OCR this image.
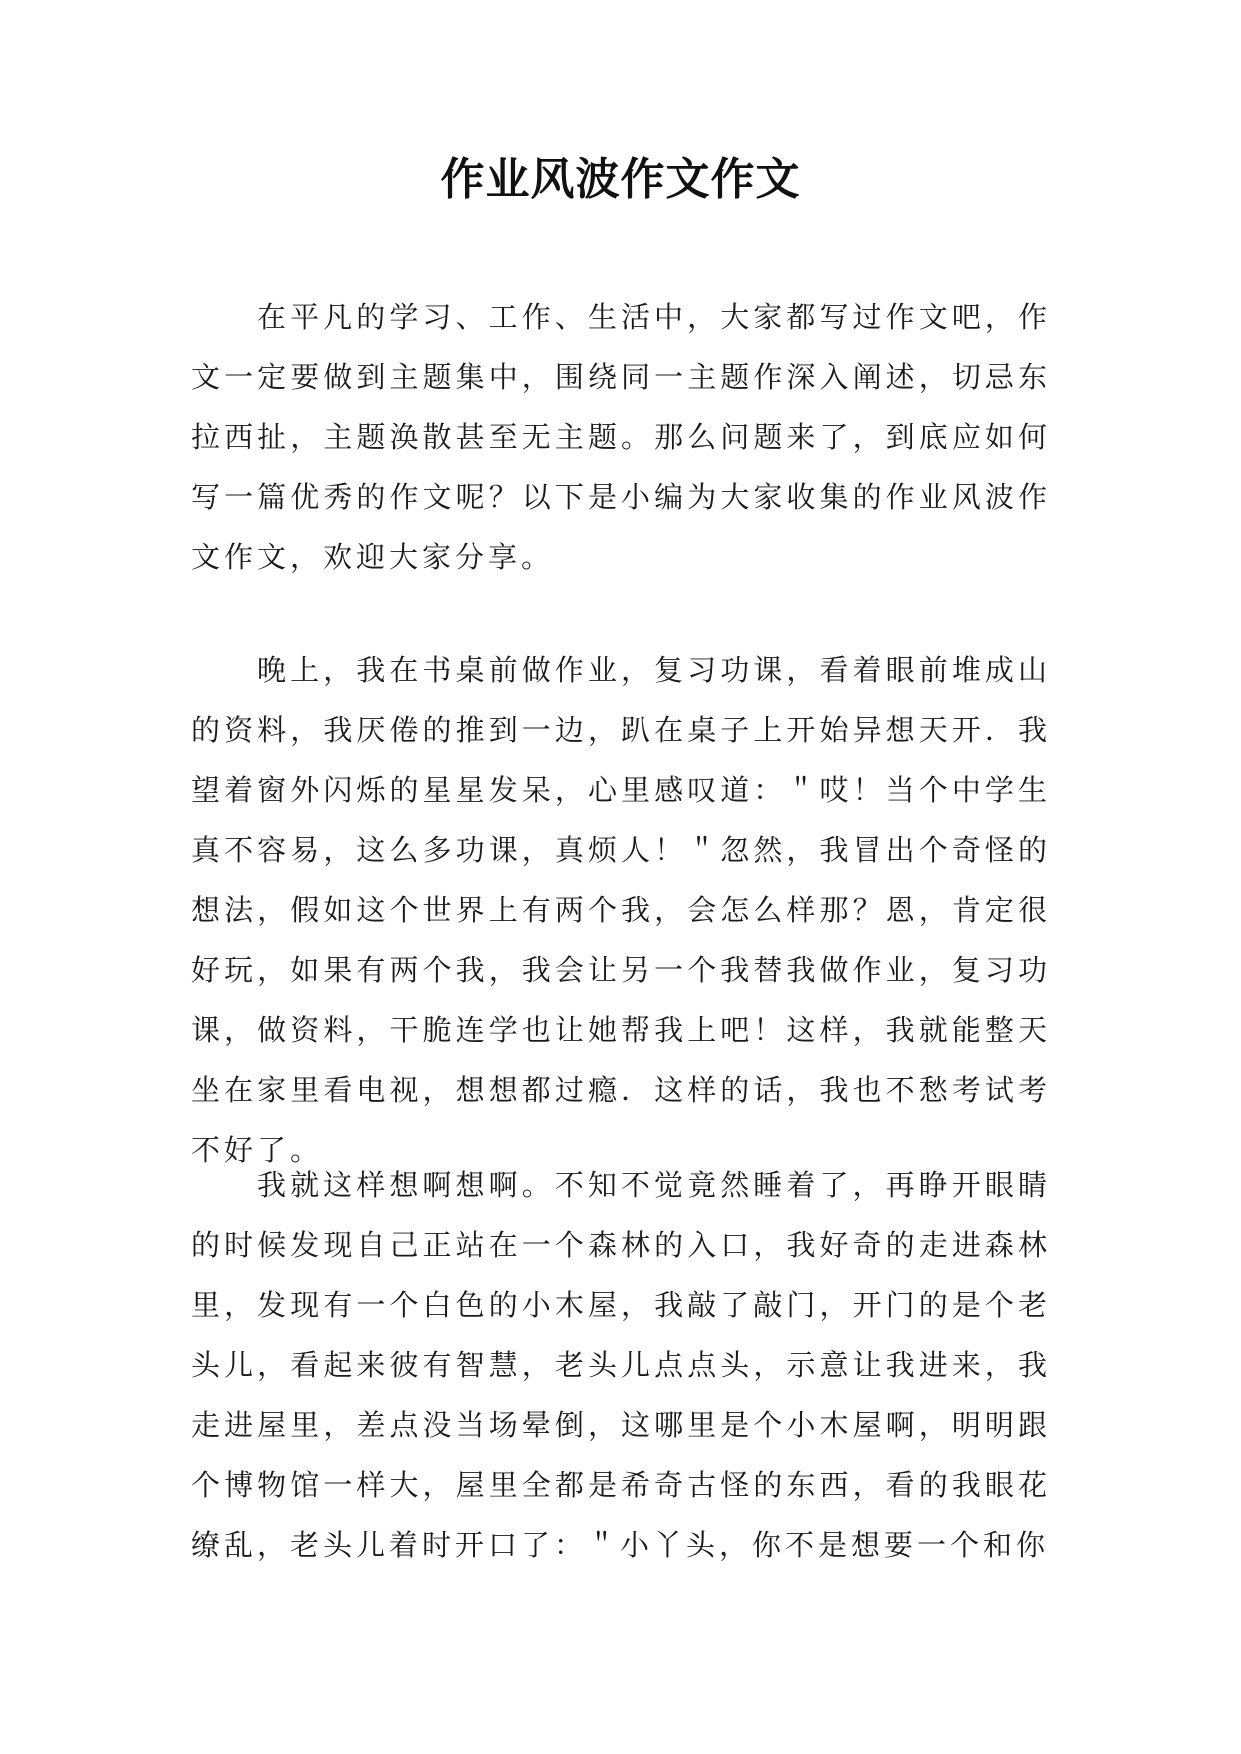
作业风波作文作文

在平凡的学习、工作、生活中，大家都写过作文吧，作文一定要做到主题集中，围绕同一主题作深入阐述，切忌东拉西扯，主题涣散甚至无主题。那么问题来了，到底应如何写一篇优秀的作文呢？以下是小编为大家收集的作业风波作文作文，欢迎大家分享。

晚上，我在书桌前做作业，复习功课，看着眼前堆成山的资料，我厌倦的推到一边，趴在桌子上开始异想天开．我望着窗外闪烁的星星发呆，心里感叹道：＂哎！当个中学生真不容易，这么多功课，真烦人！＂忽然，我冒出个奇怪的想法，假如这个世界上有两个我，会怎么样那？恩，肯定很好玩，如果有两个我，我会让另一个我替我做作业，复习功课，做资料，干脆连学也让她帮我上吧！这样，我就能整天坐在家里看电视，想想都过瘾．这样的话，我也不愁考试考不好了。

我就这样想啊想啊。不知不觉竟然睡着了，再睁开眼睛的时候发现自己正站在一个森林的入口，我好奇的走进森林里，发现有一个白色的小木屋，我敲了敲门，开门的是个老头儿，看起来彼有智慧，老头儿点点头，示意让我进来，我走进屋里，差点没当场晕倒，这哪里是个小木屋啊，明明跟个博物馆一样大，屋里全都是希奇古怪的东西，看的我眼花缭乱，老头儿着时开口了：＂小丫头，你不是想要一个和你
